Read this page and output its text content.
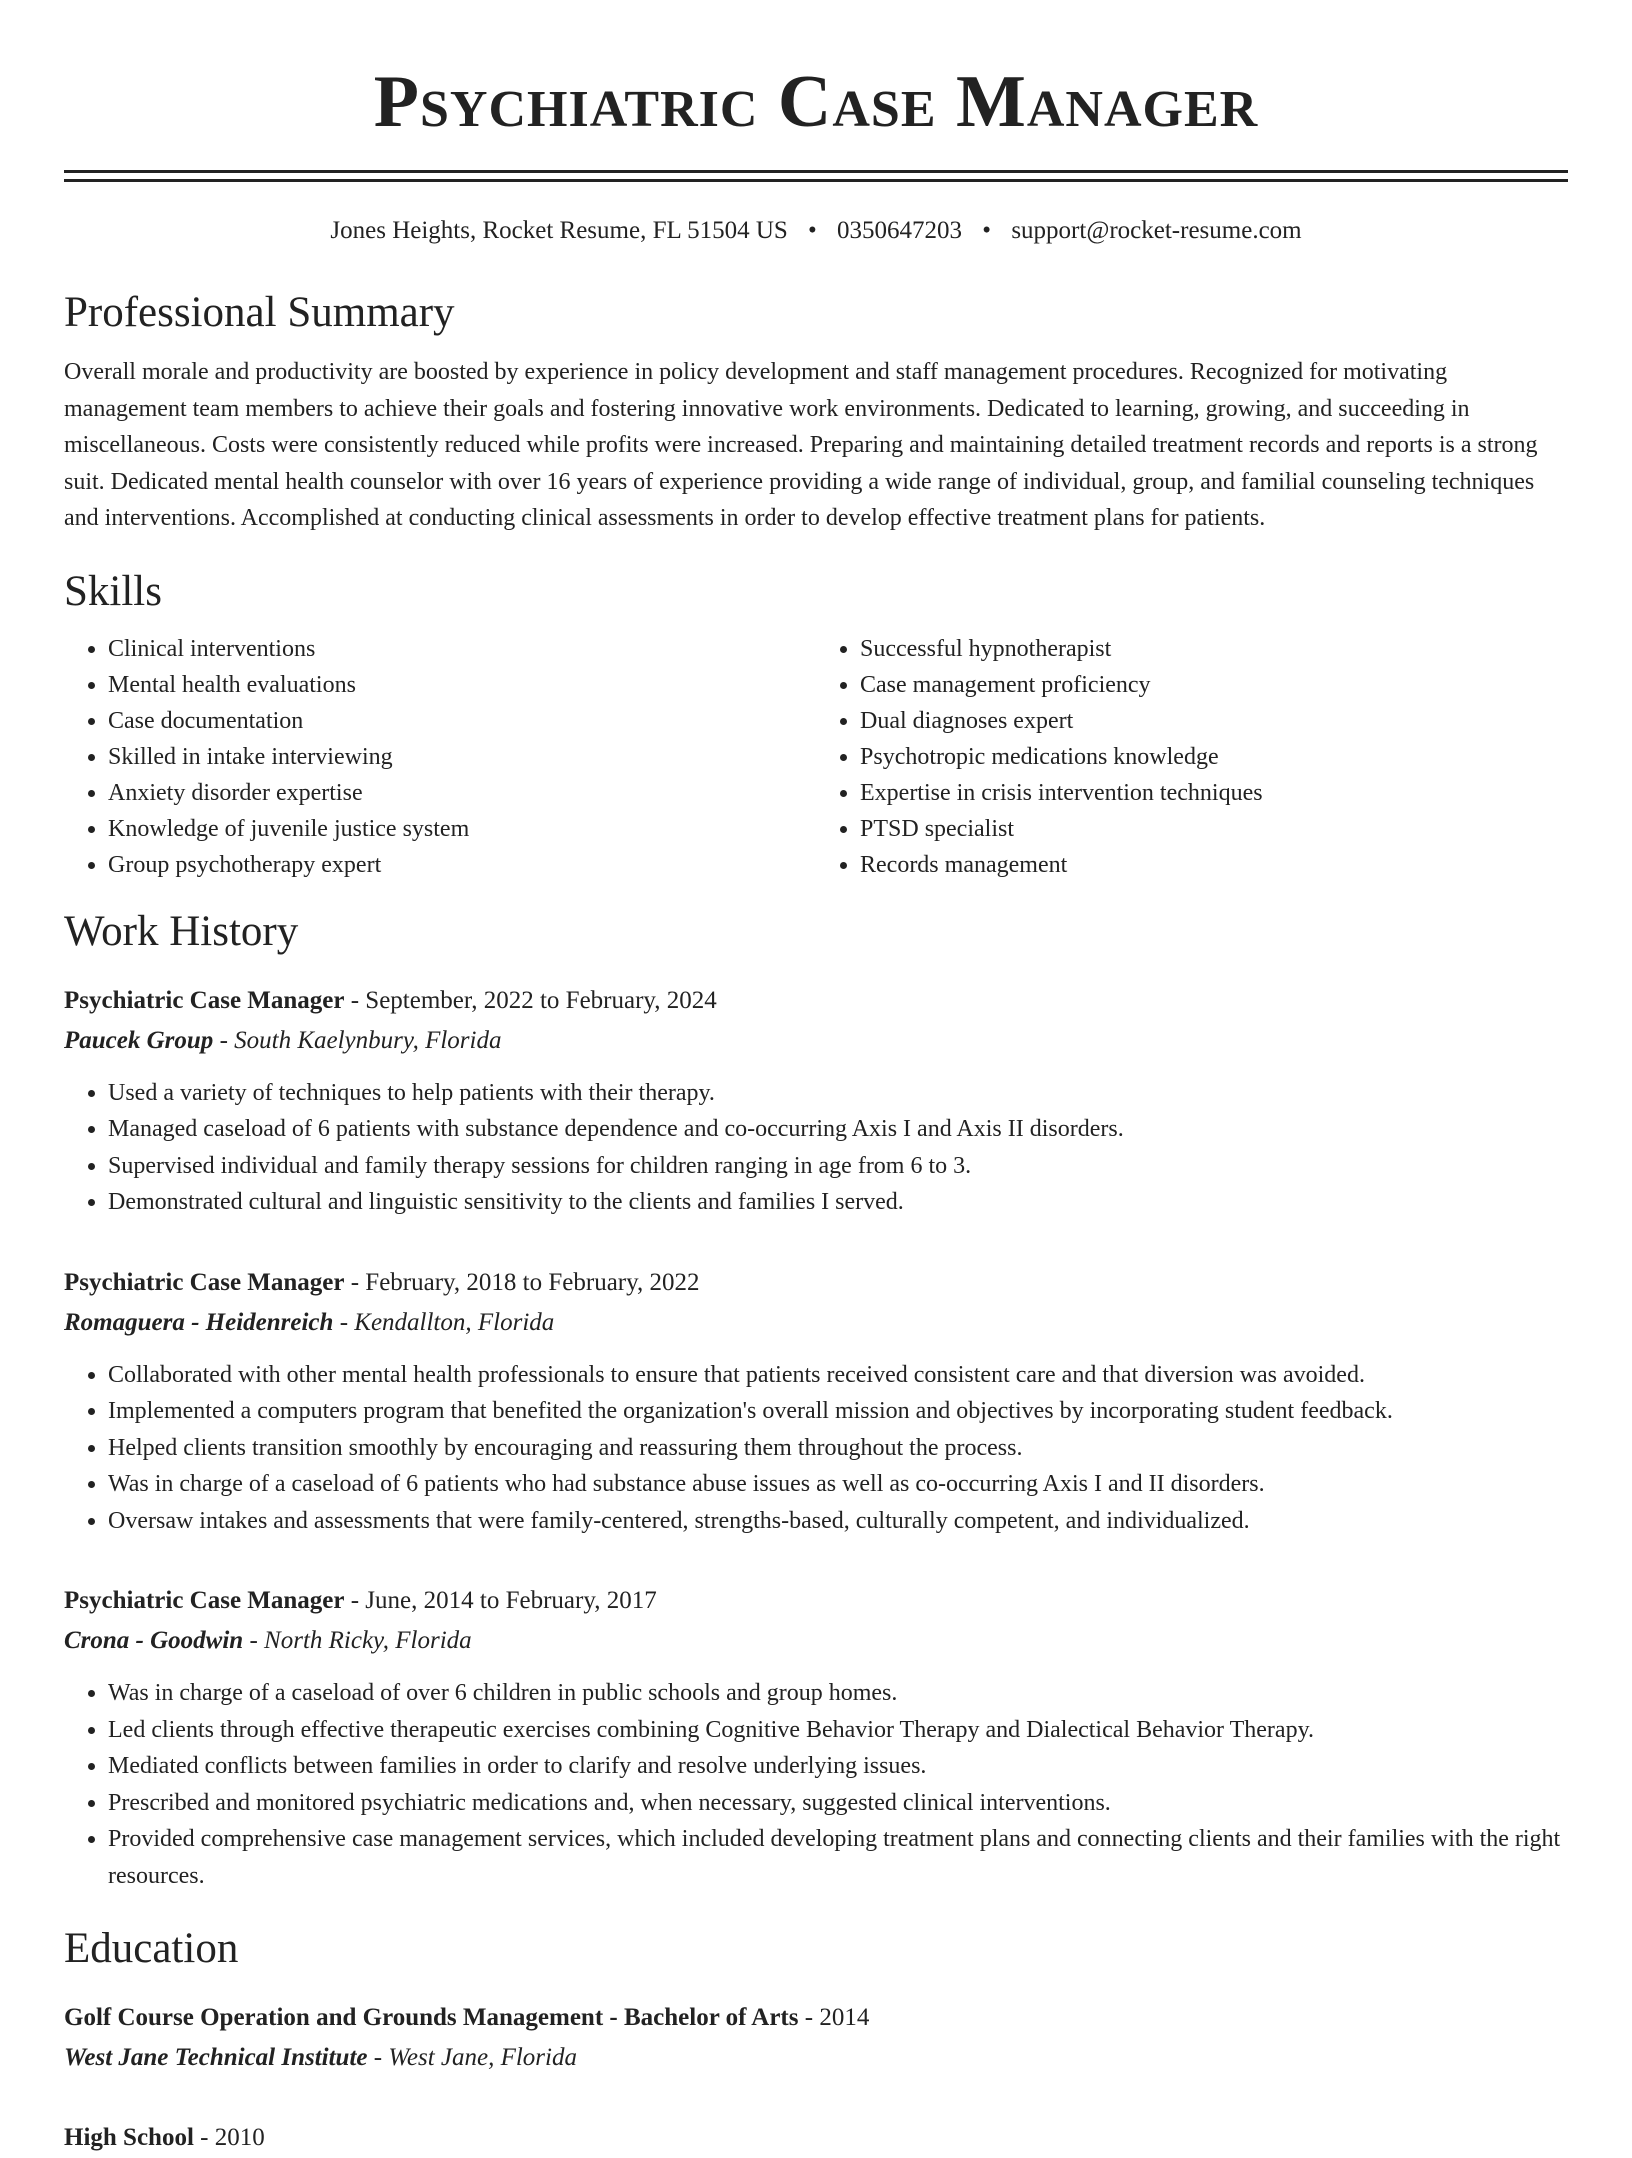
Psychiatric Case Manager
Jones Heights, Rocket Resume, FL 51504 US • 0350647203 • support@rocket-resume.com
Professional Summary

Overall morale and productivity are boosted by experience in policy development and staff management procedures. Recognized for motivating management team members to achieve their goals and fostering innovative work environments. Dedicated to learning, growing, and succeeding in miscellaneous. Costs were consistently reduced while profits were increased. Preparing and maintaining detailed treatment records and reports is a strong suit. Dedicated mental health counselor with over 16 years of experience providing a wide range of individual, group, and familial counseling techniques and interventions. Accomplished at conducting clinical assessments in order to develop effective treatment plans for patients.

Skills
• Clinical interventions
• Mental health evaluations
• Case documentation
• Skilled in intake interviewing
• Anxiety disorder expertise
• Knowledge of juvenile justice system
• Group psychotherapy expert
• Successful hypnotherapist
• Case management proficiency
• Dual diagnoses expert
• Psychotropic medications knowledge
• Expertise in crisis intervention techniques
• PTSD specialist
• Records management
Work History
Psychiatric Case Manager - September, 2022 to February, 2024
Paucek Group - South Kaelynbury, Florida
• Used a variety of techniques to help patients with their therapy.
• Managed caseload of 6 patients with substance dependence and co-occurring Axis I and Axis II disorders.
• Supervised individual and family therapy sessions for children ranging in age from 6 to 3.
• Demonstrated cultural and linguistic sensitivity to the clients and families I served.
Psychiatric Case Manager - February, 2018 to February, 2022
Romaguera - Heidenreich - Kendallton, Florida
• Collaborated with other mental health professionals to ensure that patients received consistent care and that diversion was avoided.
• Implemented a computers program that benefited the organization's overall mission and objectives by incorporating student feedback.
• Helped clients transition smoothly by encouraging and reassuring them throughout the process.
• Was in charge of a caseload of 6 patients who had substance abuse issues as well as co-occurring Axis I and II disorders.
• Oversaw intakes and assessments that were family-centered, strengths-based, culturally competent, and individualized.
Psychiatric Case Manager - June, 2014 to February, 2017
Crona - Goodwin - North Ricky, Florida
• Was in charge of a caseload of over 6 children in public schools and group homes.
• Led clients through effective therapeutic exercises combining Cognitive Behavior Therapy and Dialectical Behavior Therapy.
• Mediated conflicts between families in order to clarify and resolve underlying issues.
• Prescribed and monitored psychiatric medications and, when necessary, suggested clinical interventions.
• Provided comprehensive case management services, which included developing treatment plans and connecting clients and their families with the right resources.
Education
Golf Course Operation and Grounds Management - Bachelor of Arts - 2014
West Jane Technical Institute - West Jane, Florida
High School - 2010
